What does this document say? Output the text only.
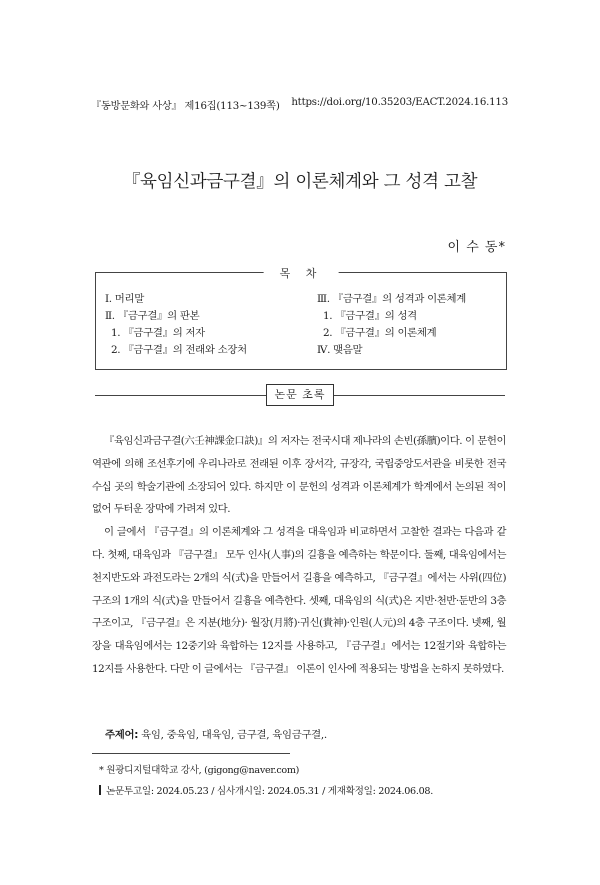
『동방문화와 사상』 제16집(113~139쪽) https://doi.org/10.35203/EACT.2024.16.113
『육임신과금구결』의 이론체계와 그 성격 고찰
이 수 동*
목 차
Ⅰ. 머리말
Ⅱ. 『금구결』의 판본
1. 『금구결』의 저자
2. 『금구결』의 전래와 소장처
Ⅲ. 『금구결』의 성격과 이론체계
1. 『금구결』의 성격
2. 『금구결』의 이론체계
Ⅳ. 맺음말
논문 초록

『육임신과금구결(六壬神課金口訣)』의 저자는 전국시대 제나라의 손빈(孫臏)이다. 이 문헌이 역관에 의해 조선후기에 우리나라로 전래된 이후 장서각, 규장각, 국립중앙도서관을 비롯한 전국 수십 곳의 학술기관에 소장되어 있다. 하지만 이 문헌의 성격과 이론체계가 학계에서 논의된 적이 없어 두터운 장막에 가려져 있다.

이 글에서 『금구결』의 이론체계와 그 성격을 대육임과 비교하면서 고찰한 결과는 다음과 같다. 첫째, 대육임과 『금구결』 모두 인사(人事)의 길흉을 예측하는 학문이다. 둘째, 대육임에서는 천지반도와 과전도라는 2개의 식(式)을 만들어서 길흉을 예측하고, 『금구결』에서는 사위(四位) 구조의 1개의 식(式)을 만들어서 길흉을 예측한다. 셋째, 대육임의 식(式)은 지반·천반·둔반의 3층 구조이고, 『금구결』은 지분(地分)· 월장(月將)·귀신(貴神)·인원(人元)의 4층 구조이다. 넷째, 월장을 대육임에서는 12중기와 육합하는 12지를 사용하고, 『금구결』에서는 12절기와 육합하는 12지를 사용한다. 다만 이 글에서는 『금구결』 이론이 인사에 적용되는 방법을 논하지 못하였다.

주제어: 육임, 중육임, 대육임, 금구결, 육임금구결,.
* 원광디지털대학교 강사, (gigong@naver.com)
논문투고일: 2024.05.23 / 심사개시일: 2024.05.31 / 게재확정일: 2024.06.08.
